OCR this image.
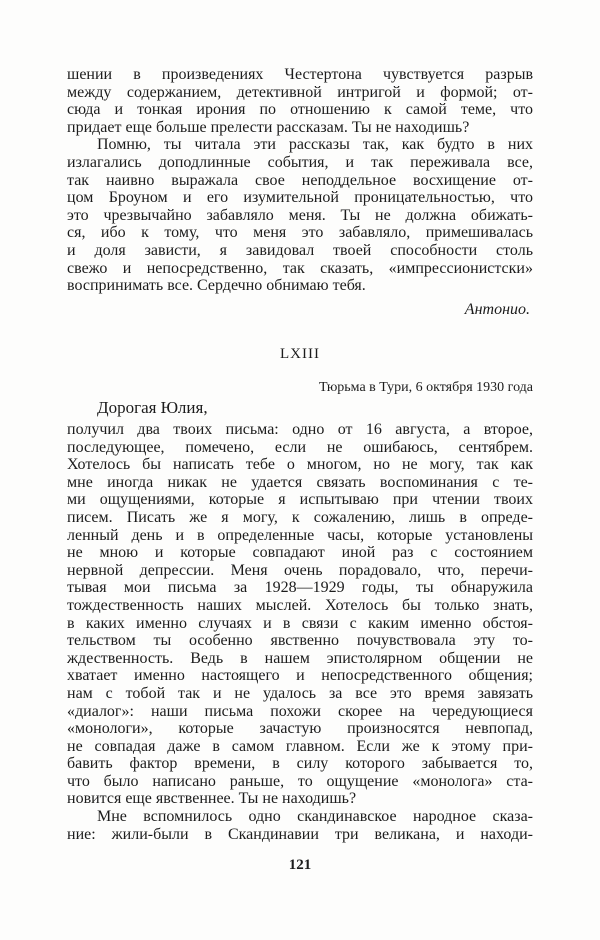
шении в произведениях Честертона чувствуется разрыв
между содержанием, детективной интригой и формой; от-
сюда и тонкая ирония по отношению к самой теме, что
придает еще больше прелести рассказам. Ты не находишь?
Помню, ты читала эти рассказы так, как будто в них
излагались доподлинные события, и так переживала все,
так наивно выражала свое неподдельное восхищение от-
цом Броуном и его изумительной проницательностью, что
это чрезвычайно забавляло меня. Ты не должна обижать-
ся, ибо к тому, что меня это забавляло, примешивалась
и доля зависти, я завидовал твоей способности столь
свежо и непосредственно, так сказать, «импрессионистски»
воспринимать все. Сердечно обнимаю тебя.
Антонио.
LXIII
Тюрьма в Тури, 6 октября 1930 года
Дорогая Юлия,
получил два твоих письма: одно от 16 августа, а второе,
последующее, помечено, если не ошибаюсь, сентябрем.
Хотелось бы написать тебе о многом, но не могу, так как
мне иногда никак не удается связать воспоминания с те-
ми ощущениями, которые я испытываю при чтении твоих
писем. Писать же я могу, к сожалению, лишь в опреде-
ленный день и в определенные часы, которые установлены
не мною и которые совпадают иной раз с состоянием
нервной депрессии. Меня очень порадовало, что, перечи-
тывая мои письма за 1928—1929 годы, ты обнаружила
тождественность наших мыслей. Хотелось бы только знать,
в каких именно случаях и в связи с каким именно обстоя-
тельством ты особенно явственно почувствовала эту то-
ждественность. Ведь в нашем эпистолярном общении не
хватает именно настоящего и непосредственного общения;
нам с тобой так и не удалось за все это время завязать
«диалог»: наши письма похожи скорее на чередующиеся
«монологи», которые зачастую произносятся невпопад,
не совпадая даже в самом главном. Если же к этому при-
бавить фактор времени, в силу которого забывается то,
что было написано раньше, то ощущение «монолога» ста-
новится еще явственнее. Ты не находишь?
Мне вспомнилось одно скандинавское народное сказа-
ние: жили-были в Скандинавии три великана, и находи-
121
